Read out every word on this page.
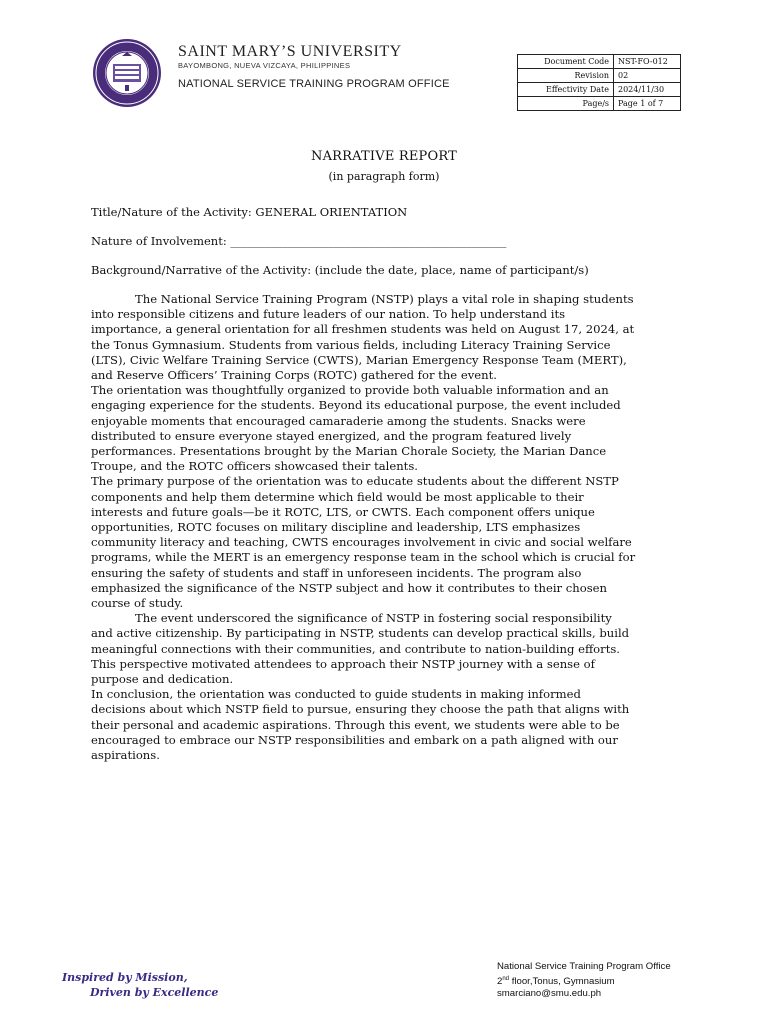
SAINT MARY’S UNIVERSITY
BAYOMBONG, NUEVA VIZCAYA, PHILIPPINES
NATIONAL SERVICE TRAINING PROGRAM OFFICE
Document Code	NST-FO-012
Revision	02
Effectivity Date	2024/11/30
Page/s	Page 1 of 7
NARRATIVE REPORT
(in paragraph form)
Title/Nature of the Activity: GENERAL ORIENTATION
Nature of Involvement: ________________________________________________
Background/Narrative of the Activity: (include the date, place, name of participant/s)
The National Service Training Program (NSTP) plays a vital role in shaping students
into responsible citizens and future leaders of our nation. To help understand its
importance, a general orientation for all freshmen students was held on August 17, 2024, at
the Tonus Gymnasium. Students from various fields, including Literacy Training Service
(LTS), Civic Welfare Training Service (CWTS), Marian Emergency Response Team (MERT),
and Reserve Officers’ Training Corps (ROTC) gathered for the event.
The orientation was thoughtfully organized to provide both valuable information and an
engaging experience for the students. Beyond its educational purpose, the event included
enjoyable moments that encouraged camaraderie among the students. Snacks were
distributed to ensure everyone stayed energized, and the program featured lively
performances. Presentations brought by the Marian Chorale Society, the Marian Dance
Troupe, and the ROTC officers showcased their talents.
The primary purpose of the orientation was to educate students about the different NSTP
components and help them determine which field would be most applicable to their
interests and future goals—be it ROTC, LTS, or CWTS. Each component offers unique
opportunities, ROTC focuses on military discipline and leadership, LTS emphasizes
community literacy and teaching, CWTS encourages involvement in civic and social welfare
programs, while the MERT is an emergency response team in the school which is crucial for
ensuring the safety of students and staff in unforeseen incidents. The program also
emphasized the significance of the NSTP subject and how it contributes to their chosen
course of study.
The event underscored the significance of NSTP in fostering social responsibility
and active citizenship. By participating in NSTP, students can develop practical skills, build
meaningful connections with their communities, and contribute to nation-building efforts.
This perspective motivated attendees to approach their NSTP journey with a sense of
purpose and dedication.
In conclusion, the orientation was conducted to guide students in making informed
decisions about which NSTP field to pursue, ensuring they choose the path that aligns with
their personal and academic aspirations. Through this event, we students were able to be
encouraged to embrace our NSTP responsibilities and embark on a path aligned with our
aspirations.
Inspired by Mission,
Driven by Excellence
National Service Training Program Office
2nd floor,Tonus, Gymnasium
smarciano@smu.edu.ph
